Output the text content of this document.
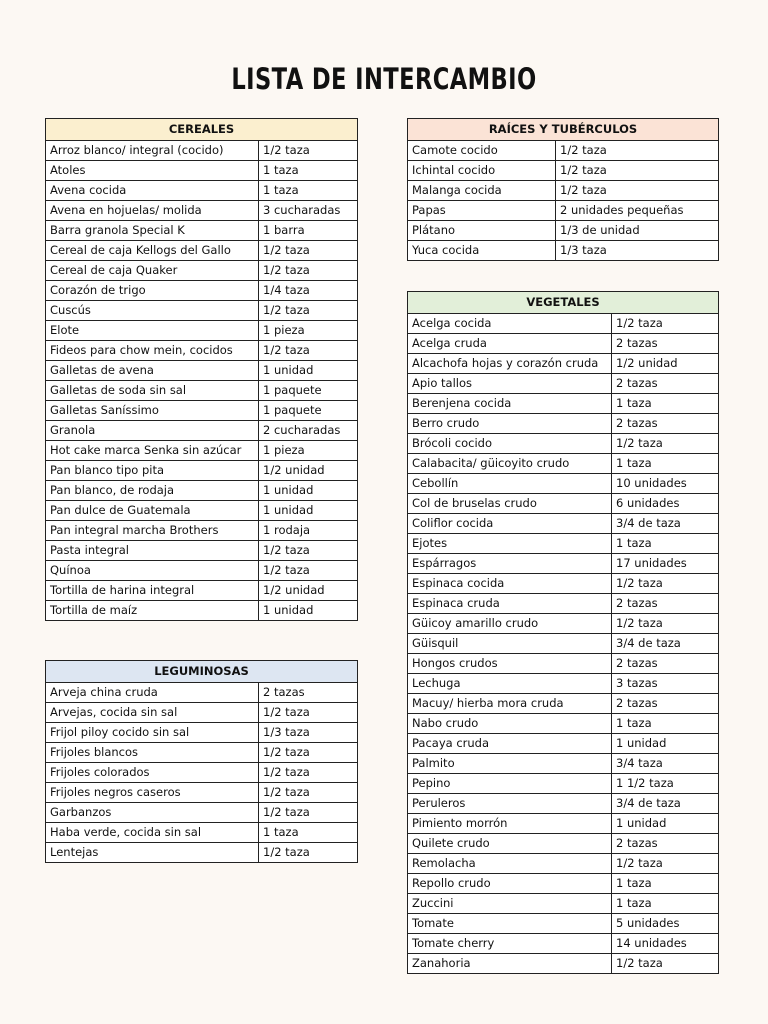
LISTA DE INTERCAMBIO
CEREALES	
Arroz blanco/ integral (cocido)	1/2 taza
Atoles	1 taza
Avena cocida	1 taza
Avena en hojuelas/ molida	3 cucharadas
Barra granola Special K	1 barra
Cereal de caja Kellogs del Gallo	1/2 taza
Cereal de caja Quaker	1/2 taza
Corazón de trigo	1/4 taza
Cuscús	1/2 taza
Elote	1 pieza
Fideos para chow mein, cocidos	1/2 taza
Galletas de avena	1 unidad
Galletas de soda sin sal	1 paquete
Galletas Saníssimo	1 paquete
Granola	2 cucharadas
Hot cake marca Senka sin azúcar	1 pieza
Pan blanco tipo pita	1/2 unidad
Pan blanco, de rodaja	1 unidad
Pan dulce de Guatemala	1 unidad
Pan integral marcha Brothers	1 rodaja
Pasta integral	1/2 taza
Quínoa	1/2 taza
Tortilla de harina integral	1/2 unidad
Tortilla de maíz	1 unidad
LEGUMINOSAS	
Arveja china cruda	2 tazas
Arvejas, cocida sin sal	1/2 taza
Frijol piloy cocido sin sal	1/3 taza
Frijoles blancos	1/2 taza
Frijoles colorados	1/2 taza
Frijoles negros caseros	1/2 taza
Garbanzos	1/2 taza
Haba verde, cocida sin sal	1 taza
Lentejas	1/2 taza
RAÍCES Y TUBÉRCULOS	
Camote cocido	1/2 taza
Ichintal cocido	1/2 taza
Malanga cocida	1/2 taza
Papas	2 unidades pequeñas
Plátano	1/3 de unidad
Yuca cocida	1/3 taza
VEGETALES	
Acelga cocida	1/2 taza
Acelga cruda	2 tazas
Alcachofa hojas y corazón cruda	1/2 unidad
Apio tallos	2 tazas
Berenjena cocida	1 taza
Berro crudo	2 tazas
Brócoli cocido	1/2 taza
Calabacita/ güicoyito crudo	1 taza
Cebollín	10 unidades
Col de bruselas crudo	6 unidades
Coliflor cocida	3/4 de taza
Ejotes	1 taza
Espárragos	17 unidades
Espinaca cocida	1/2 taza
Espinaca cruda	2 tazas
Güicoy amarillo crudo	1/2 taza
Güisquil	3/4 de taza
Hongos crudos	2 tazas
Lechuga	3 tazas
Macuy/ hierba mora cruda	2 tazas
Nabo crudo	1 taza
Pacaya cruda	1 unidad
Palmito	3/4 taza
Pepino	1 1/2 taza
Peruleros	3/4 de taza
Pimiento morrón	1 unidad
Quilete crudo	2 tazas
Remolacha	1/2 taza
Repollo crudo	1 taza
Zuccini	1 taza
Tomate	5 unidades
Tomate cherry	14 unidades
Zanahoria	1/2 taza
